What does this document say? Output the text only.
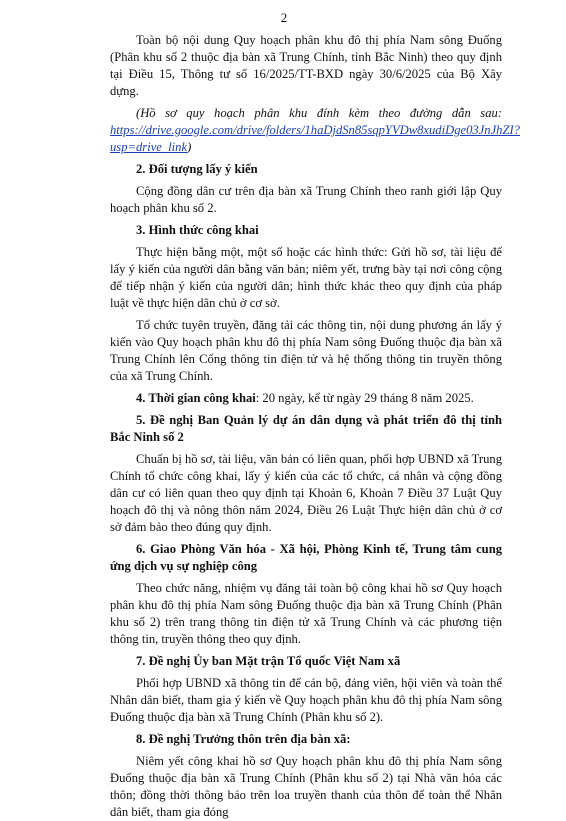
2

Toàn bộ nội dung Quy hoạch phân khu đô thị phía Nam sông Đuống (Phân khu số 2 thuộc địa bàn xã Trung Chính, tỉnh Bắc Ninh) theo quy định tại Điều 15, Thông tư số 16/2025/TT-BXD ngày 30/6/2025 của Bộ Xây dựng.

(Hồ sơ quy hoạch phân khu đính kèm theo đường dẫn sau: https://drive.google.com/drive/folders/1haDjdSn85sqpYVDw8xudiDge03JnJhZI?usp=drive_link)

2. Đối tượng lấy ý kiến

Cộng đồng dân cư trên địa bàn xã Trung Chính theo ranh giới lập Quy hoạch phân khu số 2.

3. Hình thức công khai

Thực hiện bằng một, một số hoặc các hình thức: Gửi hồ sơ, tài liệu để lấy ý kiến của người dân bằng văn bản; niêm yết, trưng bày tại nơi công cộng để tiếp nhận ý kiến của người dân; hình thức khác theo quy định của pháp luật về thực hiện dân chủ ở cơ sở.

Tổ chức tuyên truyền, đăng tải các thông tin, nội dung phương án lấy ý kiến vào Quy hoạch phân khu đô thị phía Nam sông Đuống thuộc địa bàn xã Trung Chính lên Cổng thông tin điện tử và hệ thống thông tin truyền thông của xã Trung Chính.

4. Thời gian công khai: 20 ngày, kể từ ngày 29 tháng 8 năm 2025.

5. Đề nghị Ban Quản lý dự án dân dụng và phát triển đô thị tỉnh Bắc Ninh số 2

Chuẩn bị hồ sơ, tài liệu, văn bản có liên quan, phối hợp UBND xã Trung Chính tổ chức công khai, lấy ý kiến của các tổ chức, cá nhân và cộng đồng dân cư có liên quan theo quy định tại Khoản 6, Khoản 7 Điều 37 Luật Quy hoạch đô thị và nông thôn năm 2024, Điều 26 Luật Thực hiện dân chủ ở cơ sở đảm bảo theo đúng quy định.

6. Giao Phòng Văn hóa - Xã hội, Phòng Kinh tế, Trung tâm cung ứng dịch vụ sự nghiệp công

Theo chức năng, nhiệm vụ đăng tải toàn bộ công khai hồ sơ Quy hoạch phân khu đô thị phía Nam sông Đuống thuộc địa bàn xã Trung Chính (Phân khu số 2) trên trang thông tin điện tử xã Trung Chính và các phương tiện thông tin, truyền thông theo quy định.

7. Đề nghị Ủy ban Mặt trận Tổ quốc Việt Nam xã

Phối hợp UBND xã thông tin để cán bộ, đảng viên, hội viên và toàn thể Nhân dân biết, tham gia ý kiến về Quy hoạch phân khu đô thị phía Nam sông Đuống thuộc địa bàn xã Trung Chính (Phân khu số 2).

8. Đề nghị Trưởng thôn trên địa bàn xã:

Niêm yết công khai hồ sơ Quy hoạch phân khu đô thị phía Nam sông Đuống thuộc địa bàn xã Trung Chính (Phân khu số 2) tại Nhà văn hóa các thôn; đồng thời thông báo trên loa truyền thanh của thôn để toàn thể Nhân dân biết, tham gia đóng
